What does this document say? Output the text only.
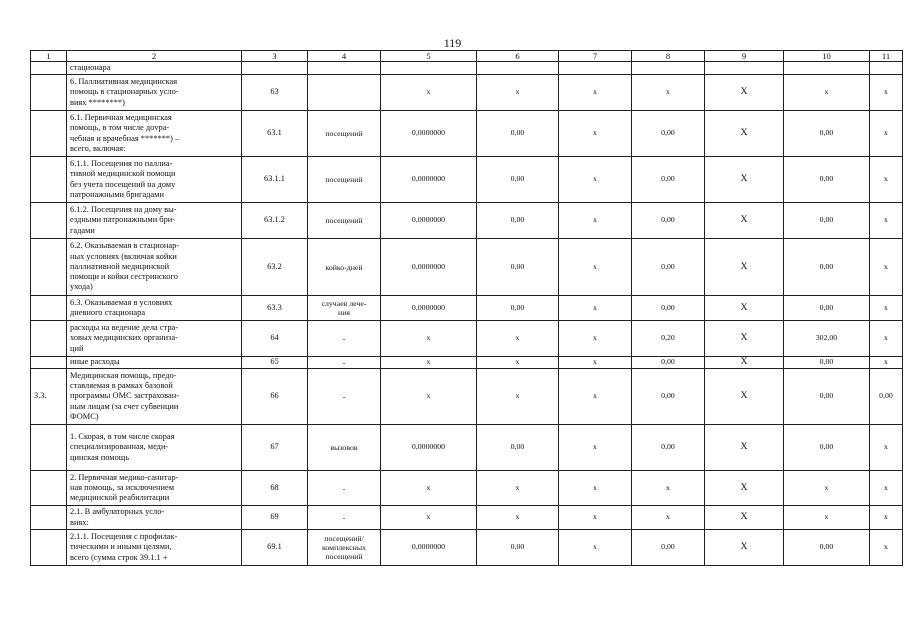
119
1	2	3	4	5	6	7	8	9	10	11
	стационара									
	6. Паллиативная медицинская
помощь в стационарных усло-
виях ********)	63		x	x	x	x	X	x	x
	6.1. Первичная медицинская
помощь, в том числе доvра-
чебная и врачебная *******) –
всего, включая:	63.1	посещений	0,0000000	0,00	x	0,00	X	0,00	x
	6.1.1. Посещения по паллиа-
тивной медицинской помощи
без учета посещений на дому
патронажными бригадами	63.1.1	посещений	0,0000000	0,00	x	0,00	X	0,00	x
	6.1.2. Посещения на дому вы-
ездными патронажными бри-
гадами	63.1.2	посещений	0,0000000	0,00	x	0,00	X	0,00	x
	6.2. Оказываемая в стационар-
ных условиях (включая койки
паллиативной медицинской
помощи и койки сестринского
ухода)	63.2	койко-дней	0,0000000	0,00	x	0,00	X	0,00	x
	6.3. Оказываемая в условиях
дневного стационара	63.3	случаев лече-
ния	0,0000000	0,00	x	0,00	X	0,00	x
	расходы на ведение дела стра-
ховых медицинских организа-
ций	64	-	x	x	x	0,20	X	302,00	x
	иные расходы	65	-	x	x	x	0,00	X	0,00	x
3.3.	Медицинская помощь, предо-
ставляемая в рамках базовой
программы ОМС застрахован-
ным лицам (за счет субвенции
ФОМС)	66	-	x	x	x	0,00	X	0,00	0,00
	1. Скорая, в том числе скорая
специализированная, меди-
цинская помощь	67	вызовов	0,0000000	0,00	x	0,00	X	0,00	x
	2. Первичная медико-санитар-
ная помощь, за исключением
медицинской реабилитации	68	-	x	x	x	x	X	x	x
	2.1. В амбулаторных усло-
виях:	69	-	x	x	x	x	X	x	x
	2.1.1. Посещения с профилак-
тическими и иными целями,
всего (сумма строк 39.1.1 +	69.1	посещений/
комплексных
посещений	0,0000000	0,00	x	0,00	X	0,00	x
